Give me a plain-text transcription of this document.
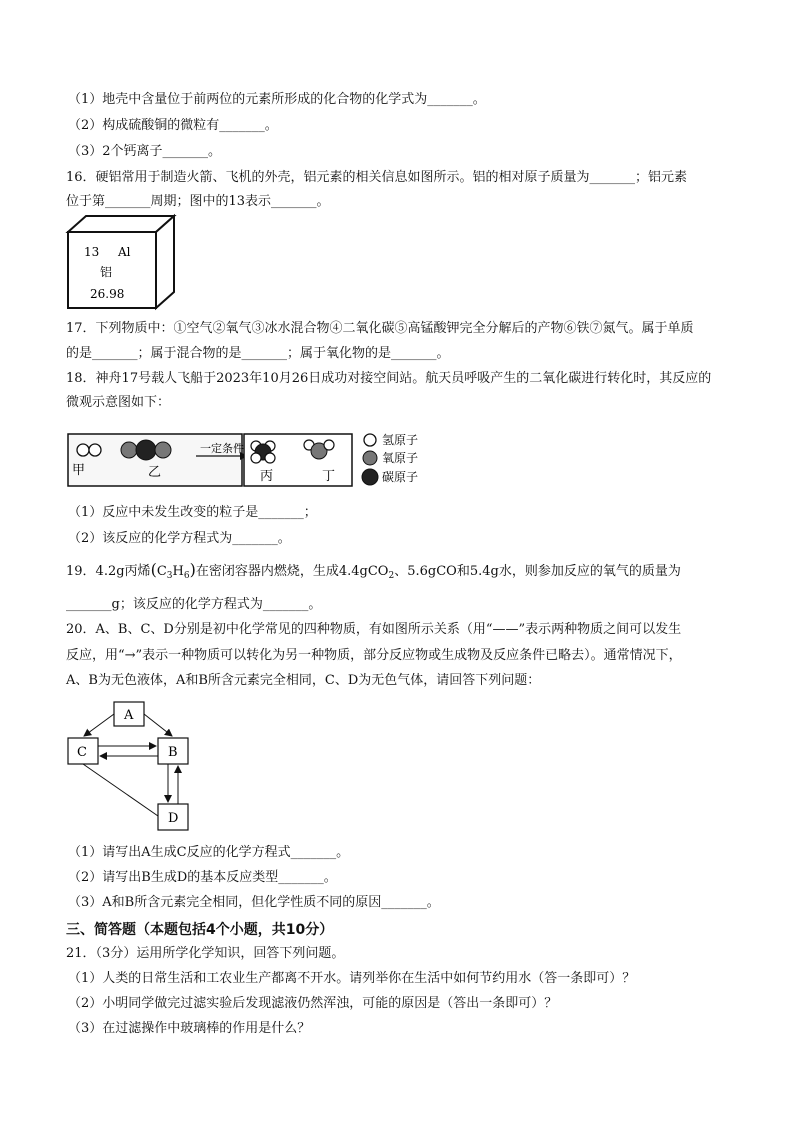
（1）地壳中含量位于前两位的元素所形成的化合物的化学式为_______。
（2）构成硫酸铜的微粒有_______。
（3）2个钙离子_______。
16．硬铝常用于制造火箭、飞机的外壳，铝元素的相关信息如图所示。铝的相对原子质量为_______；铝元素
位于第_______周期；图中的13表示_______。
13 Al
铝
26.98
17．下列物质中：①空气②氧气③冰水混合物④二氧化碳⑤高锰酸钾完全分解后的产物⑥铁⑦氮气。属于单质
的是_______；属于混合物的是_______；属于氧化物的是_______。
18．神舟17号载人飞船于2023年10月26日成功对接空间站。航天员呼吸产生的二氧化碳进行转化时，其反应的
微观示意图如下：
甲	乙
一定条件
丙	丁
氢原子
氧原子
碳原子
（1）反应中未发生改变的粒子是_______；
（2）该反应的化学方程式为_______。
19．4.2g丙烯$(C_3H_6)$在密闭容器内燃烧，生成4.4gCO$_2$、5.6gCO和5.4g水，则参加反应的氧气的质量为
_______g；该反应的化学方程式为_______。
20．A、B、C、D分别是初中化学常见的四种物质，有如图所示关系（用“——”表示两种物质之间可以发生
反应，用“→”表示一种物质可以转化为另一种物质，部分反应物或生成物及反应条件已略去）。通常情况下，
A、B为无色液体，A和B所含元素完全相同，C、D为无色气体，请回答下列问题：
A
C	B
D
（1）请写出A生成C反应的化学方程式_______。
（2）请写出B生成D的基本反应类型_______。
（3）A和B所含元素完全相同，但化学性质不同的原因_______。
三、简答题（本题包括4个小题，共10分）
21．（3分）运用所学化学知识，回答下列问题。
（1）人类的日常生活和工农业生产都离不开水。请列举你在生活中如何节约用水（答一条即可）？
（2）小明同学做完过滤实验后发现滤液仍然浑浊，可能的原因是（答出一条即可）？
（3）在过滤操作中玻璃棒的作用是什么？
